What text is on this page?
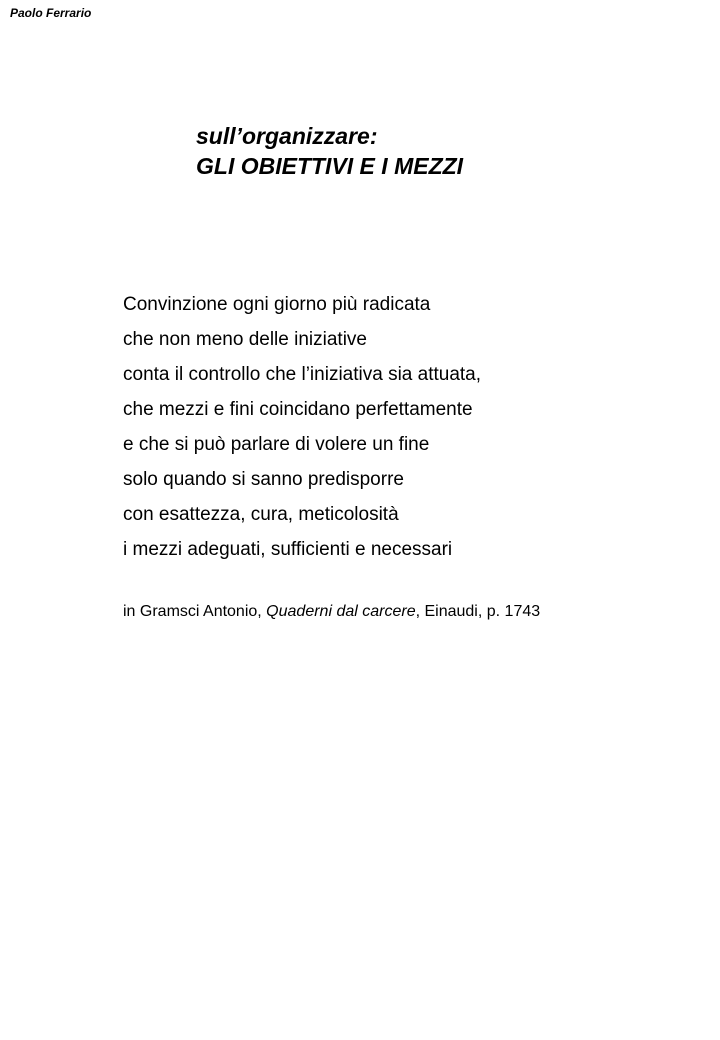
Paolo Ferrario
sull’organizzare:
GLI OBIETTIVI E I MEZZI
Convinzione ogni giorno più radicata
che non meno delle iniziative
conta il controllo che l’iniziativa sia attuata,
che mezzi e fini coincidano perfettamente
e che si può parlare di volere un fine
solo quando si sanno predisporre
con esattezza, cura, meticolosità
i mezzi adeguati, sufficienti e necessari
in Gramsci Antonio, Quaderni dal carcere, Einaudi, p. 1743
